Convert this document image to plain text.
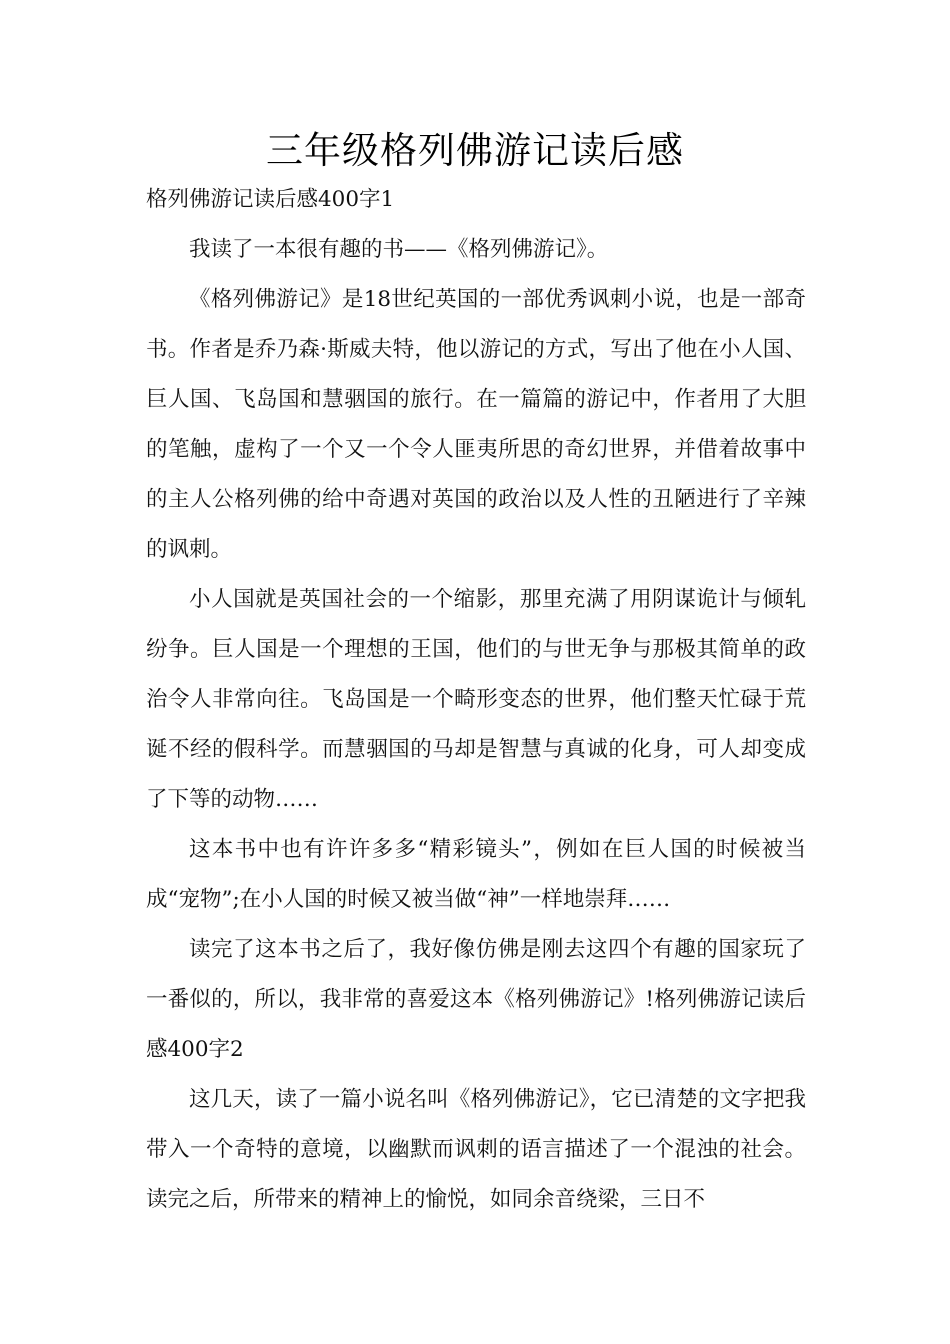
三年级格列佛游记读后感

格列佛游记读后感400字1

我读了一本很有趣的书——《格列佛游记》。

《格列佛游记》是18世纪英国的一部优秀讽刺小说，也是一部奇书。作者是乔乃森·斯威夫特，他以游记的方式，写出了他在小人国、巨人国、飞岛国和慧骃国的旅行。在一篇篇的游记中，作者用了大胆的笔触，虚构了一个又一个令人匪夷所思的奇幻世界，并借着故事中的主人公格列佛的给中奇遇对英国的政治以及人性的丑陋进行了辛辣的讽刺。

小人国就是英国社会的一个缩影，那里充满了用阴谋诡计与倾轧纷争。巨人国是一个理想的王国，他们的与世无争与那极其简单的政治令人非常向往。飞岛国是一个畸形变态的世界，他们整天忙碌于荒诞不经的假科学。而慧骃国的马却是智慧与真诚的化身，可人却变成了下等的动物……

这本书中也有许许多多“精彩镜头”，例如在巨人国的时候被当成“宠物”;在小人国的时候又被当做“神”一样地崇拜……

读完了这本书之后了，我好像仿佛是刚去这四个有趣的国家玩了一番似的，所以，我非常的喜爱这本《格列佛游记》!格列佛游记读后感400字2

这几天，读了一篇小说名叫《格列佛游记》，它已清楚的文字把我带入一个奇特的意境，以幽默而讽刺的语言描述了一个混浊的社会。读完之后，所带来的精神上的愉悦，如同余音绕梁，三日不
